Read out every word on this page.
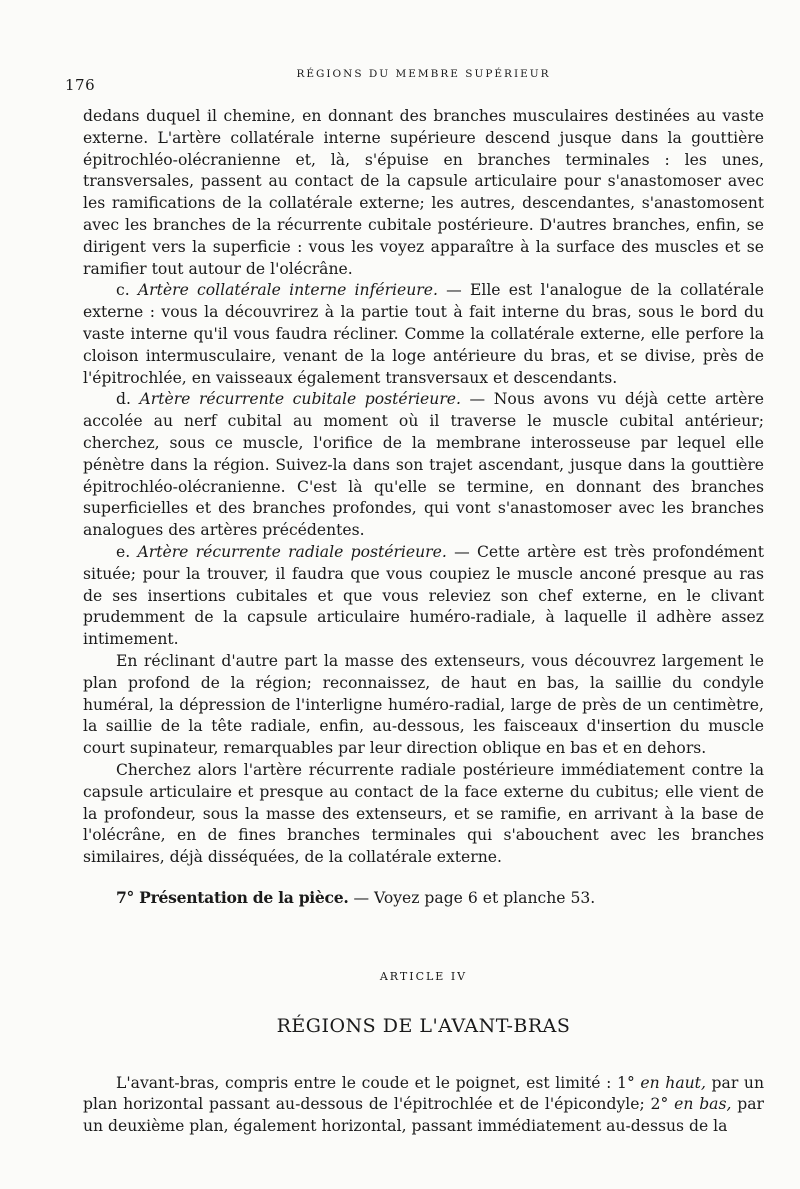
176
RÉGIONS DU MEMBRE SUPÉRIEUR

dedans duquel il chemine, en donnant des branches musculaires destinées au vaste externe. L'artère collatérale interne supérieure descend jusque dans la gouttière épitrochléo-olécranienne et, là, s'épuise en branches terminales : les unes, transversales, passent au contact de la capsule articulaire pour s'anastomoser avec les ramifications de la collatérale externe; les autres, descendantes, s'anastomosent avec les branches de la récurrente cubitale postérieure. D'autres branches, enfin, se dirigent vers la superficie : vous les voyez apparaître à la surface des muscles et se ramifier tout autour de l'olécrâne.

c. Artère collatérale interne inférieure. — Elle est l'analogue de la collatérale externe : vous la découvrirez à la partie tout à fait interne du bras, sous le bord du vaste interne qu'il vous faudra récliner. Comme la collatérale externe, elle perfore la cloison intermusculaire, venant de la loge antérieure du bras, et se divise, près de l'épitrochlée, en vaisseaux également transversaux et descendants.

d. Artère récurrente cubitale postérieure. — Nous avons vu déjà cette artère accolée au nerf cubital au moment où il traverse le muscle cubital antérieur; cherchez, sous ce muscle, l'orifice de la membrane interosseuse par lequel elle pénètre dans la région. Suivez-la dans son trajet ascendant, jusque dans la gouttière épitrochléo-olécranienne. C'est là qu'elle se termine, en donnant des branches superficielles et des branches profondes, qui vont s'anastomoser avec les branches analogues des artères précédentes.

e. Artère récurrente radiale postérieure. — Cette artère est très profondément située; pour la trouver, il faudra que vous coupiez le muscle anconé presque au ras de ses insertions cubitales et que vous releviez son chef externe, en le clivant prudemment de la capsule articulaire huméro-radiale, à laquelle il adhère assez intimement.

En réclinant d'autre part la masse des extenseurs, vous découvrez largement le plan profond de la région; reconnaissez, de haut en bas, la saillie du condyle huméral, la dépression de l'interligne huméro-radial, large de près de un centimètre, la saillie de la tête radiale, enfin, au-dessous, les faisceaux d'insertion du muscle court supinateur, remarquables par leur direction oblique en bas et en dehors.

Cherchez alors l'artère récurrente radiale postérieure immédiatement contre la capsule articulaire et presque au contact de la face externe du cubitus; elle vient de la profondeur, sous la masse des extenseurs, et se ramifie, en arrivant à la base de l'olécrâne, en de fines branches terminales qui s'abouchent avec les branches similaires, déjà disséquées, de la collatérale externe.

7° Présentation de la pièce. — Voyez page 6 et planche 53.

ARTICLE IV
RÉGIONS DE L'AVANT-BRAS

L'avant-bras, compris entre le coude et le poignet, est limité : 1° en haut, par un plan horizontal passant au-dessous de l'épitrochlée et de l'épicondyle; 2° en bas, par un deuxième plan, également horizontal, passant immédiatement au-dessus de la
